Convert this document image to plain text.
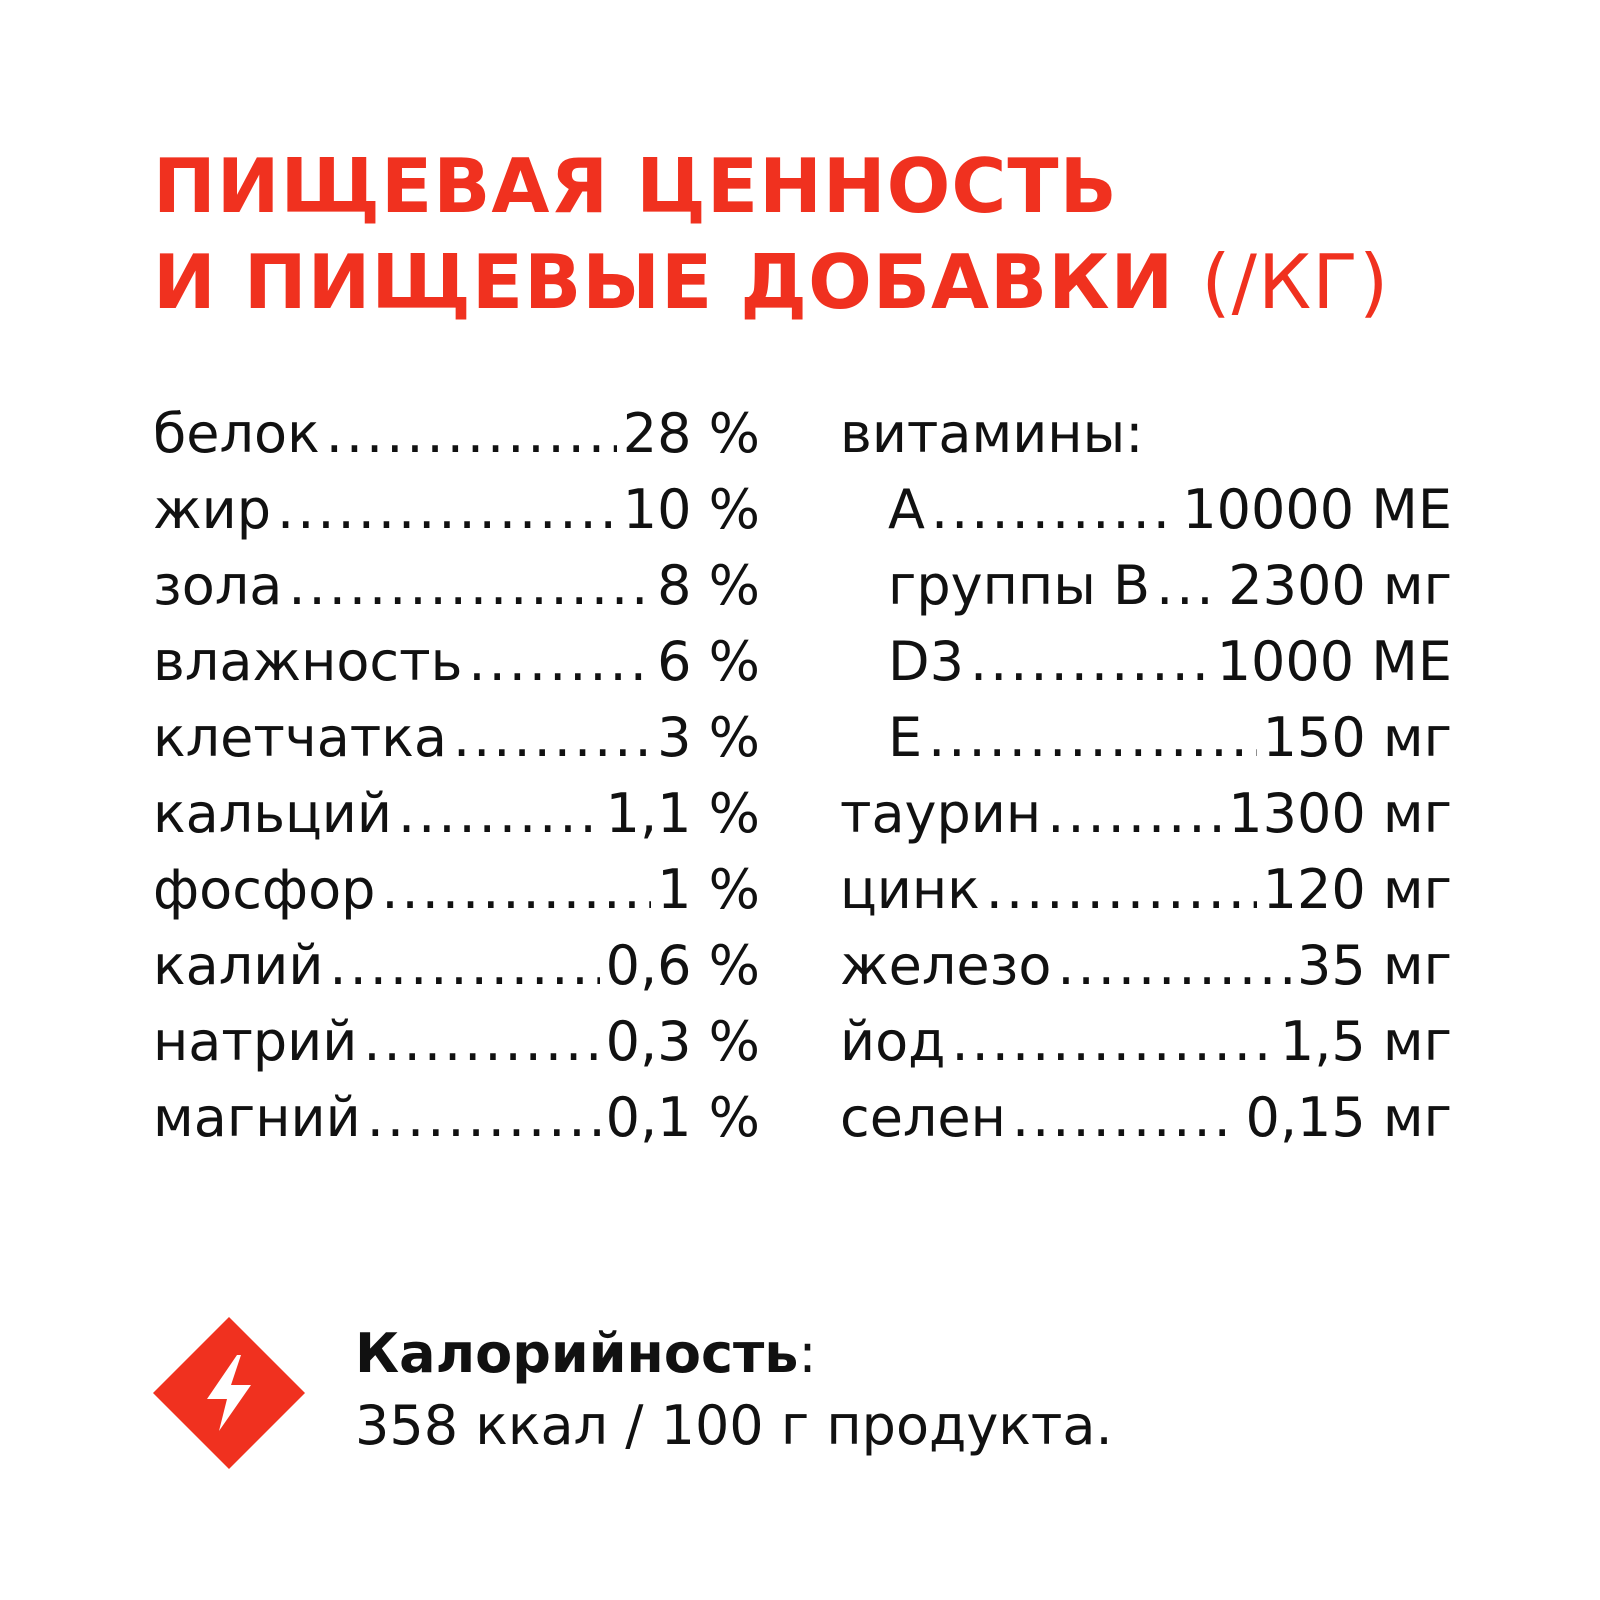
ПИЩЕВАЯ ЦЕННОСТЬ
И ПИЩЕВЫЕ ДОБАВКИ (/КГ)
белок .....	28 %
жир .....	10 %
зола .....	8 %
влажность .....	6 %
клетчатка .....	3 %
кальций .....	1,1 %
фосфор .....	1 %
калий .....	0,6 %
натрий .....	0,3 %
магний .....	0,1 %
витамины:
А .....	10000 МЕ
группы В ..... 2300 мг
D3 .....	1000 МЕ
Е .....	150 мг
таурин .....	1300 мг
цинк .....	120 мг
железо .....	35 мг
йод .....	1,5 мг
селен .....	0,15 мг
Калорийность:
358 ккал / 100 г продукта.
